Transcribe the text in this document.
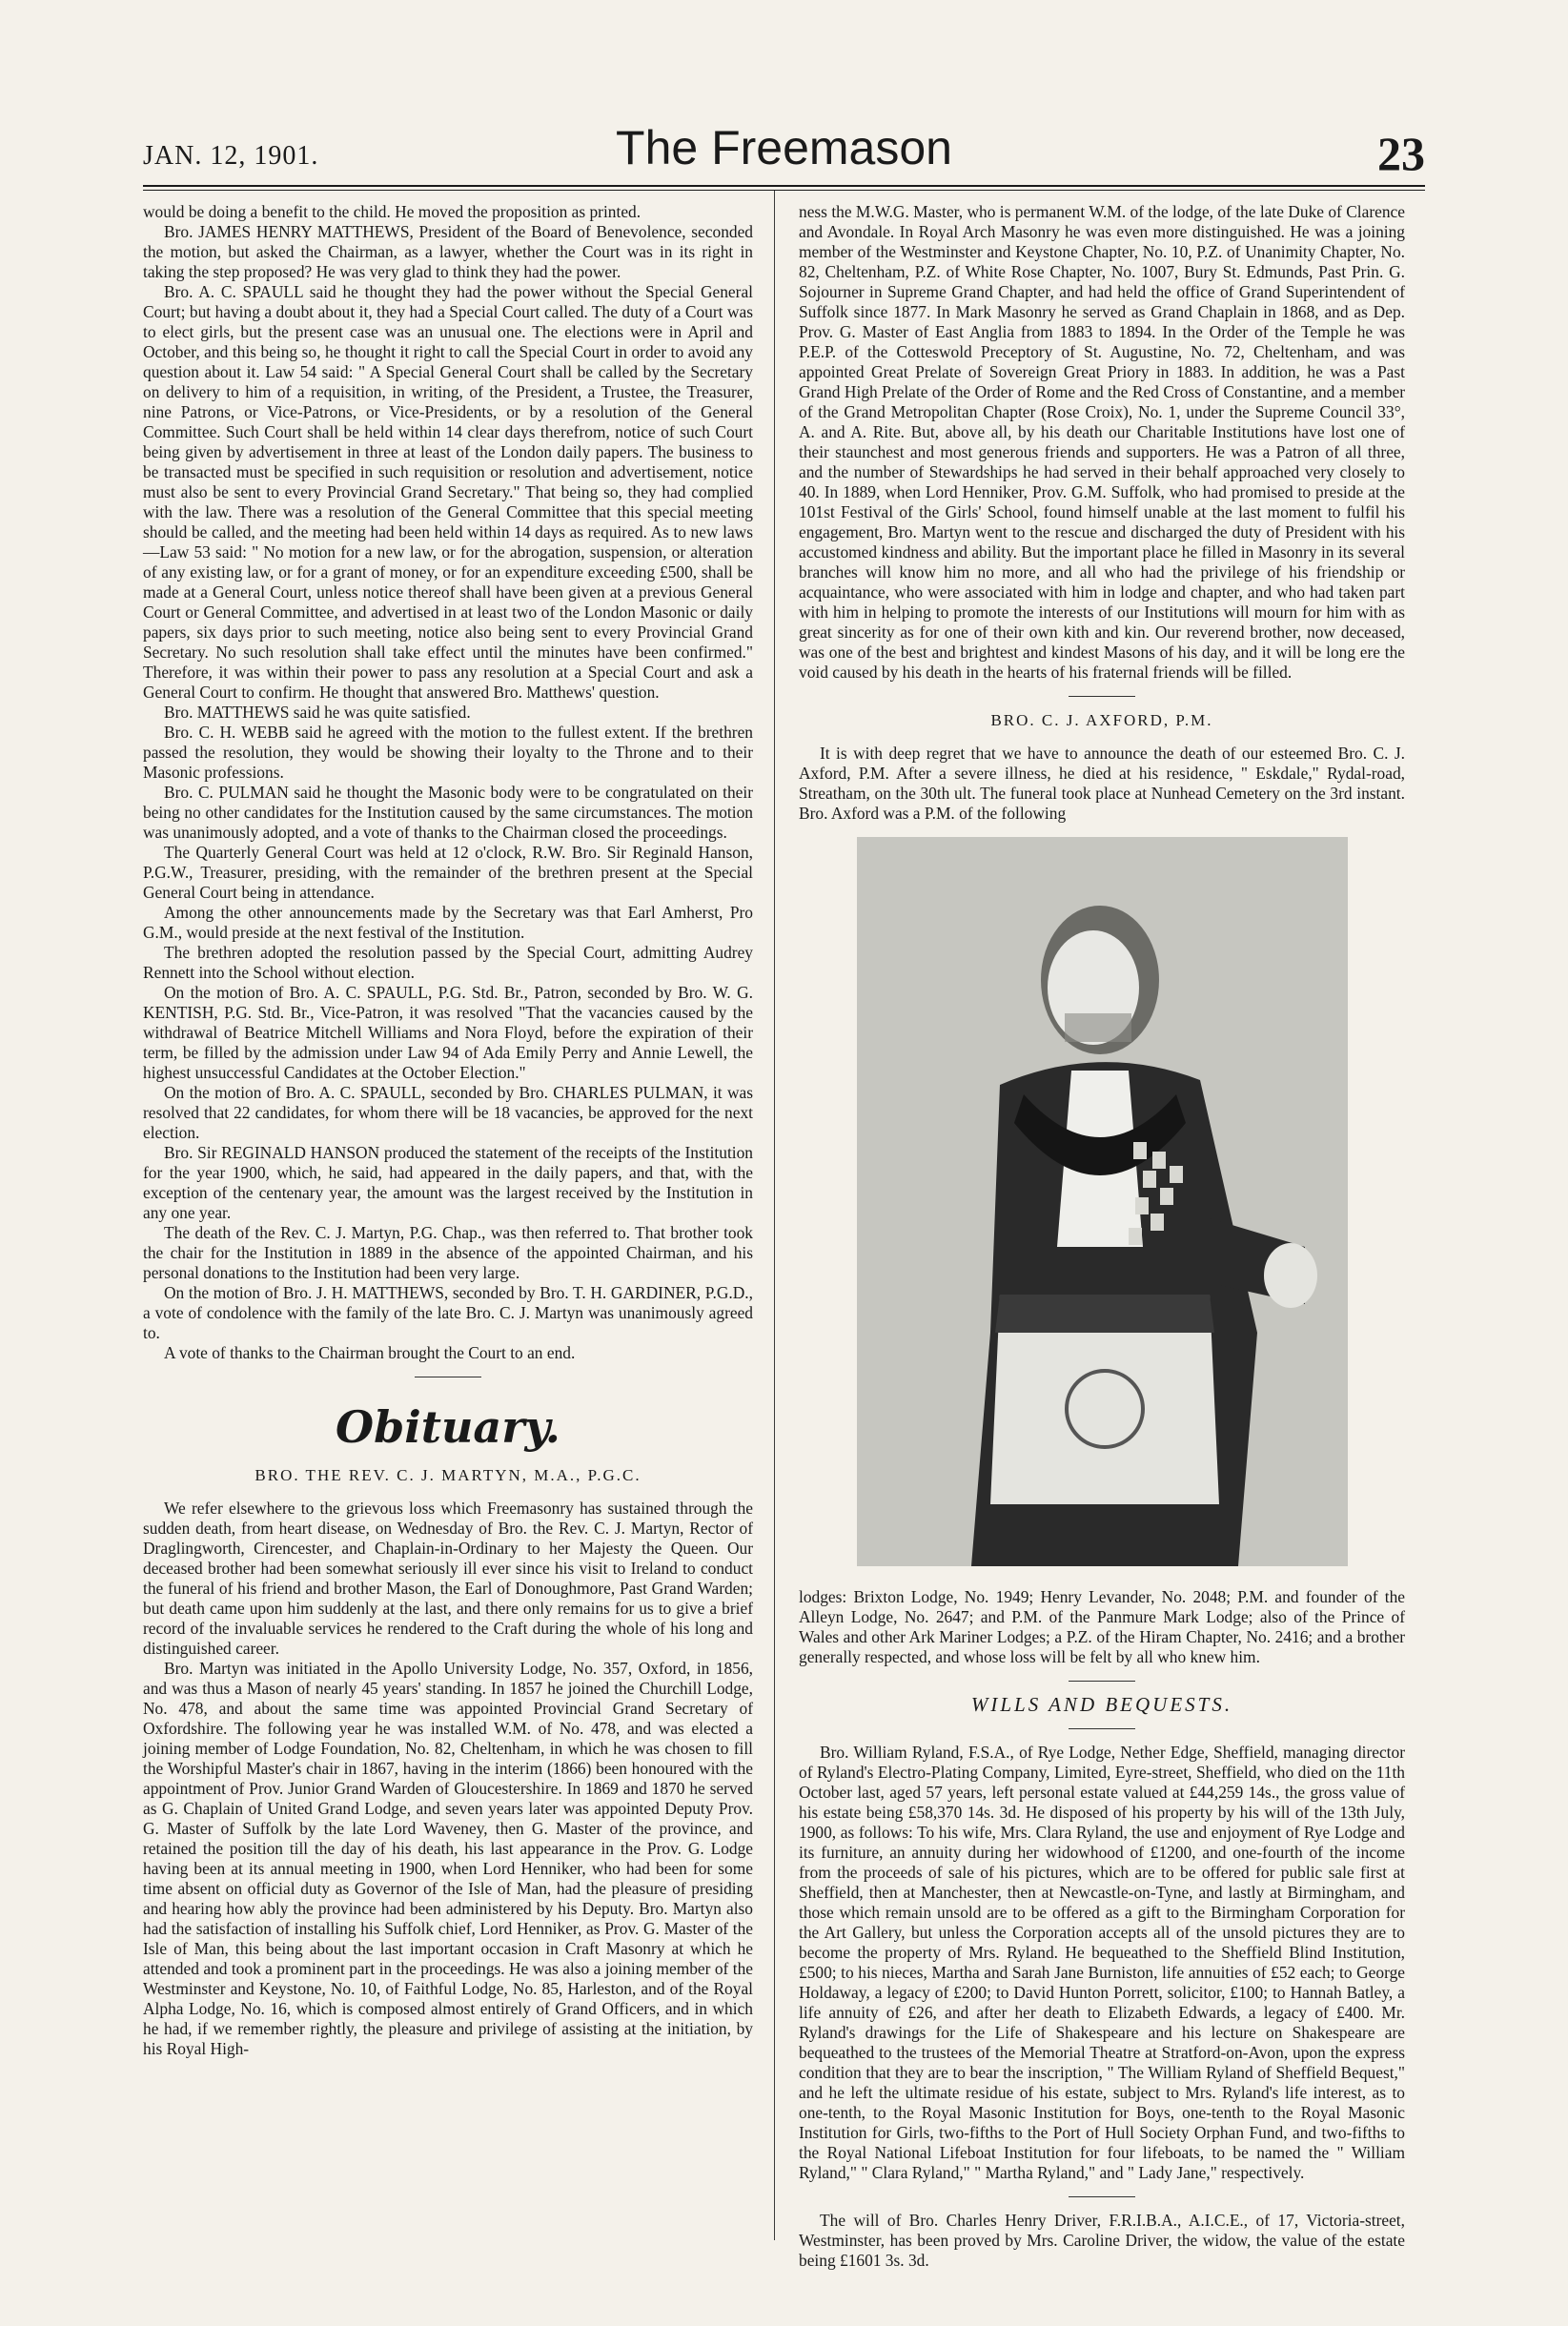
JAN. 12, 1901.	The Freemason	23

would be doing a benefit to the child. He moved the proposition as printed.

Bro. JAMES HENRY MATTHEWS, President of the Board of Benevolence, seconded the motion, but asked the Chairman, as a lawyer, whether the Court was in its right in taking the step proposed? He was very glad to think they had the power.

Bro. A. C. SPAULL said he thought they had the power without the Special General Court; but having a doubt about it, they had a Special Court called. The duty of a Court was to elect girls, but the present case was an unusual one. The elections were in April and October, and this being so, he thought it right to call the Special Court in order to avoid any question about it. Law 54 said: " A Special General Court shall be called by the Secretary on delivery to him of a requisition, in writing, of the President, a Trustee, the Treasurer, nine Patrons, or Vice-Patrons, or Vice-Presidents, or by a resolution of the General Committee. Such Court shall be held within 14 clear days therefrom, notice of such Court being given by advertisement in three at least of the London daily papers. The business to be transacted must be specified in such requisition or resolution and advertisement, notice must also be sent to every Provincial Grand Secretary." That being so, they had complied with the law. There was a resolution of the General Committee that this special meeting should be called, and the meeting had been held within 14 days as required. As to new laws —Law 53 said: " No motion for a new law, or for the abrogation, suspension, or alteration of any existing law, or for a grant of money, or for an expenditure exceeding £500, shall be made at a General Court, unless notice thereof shall have been given at a previous General Court or General Committee, and advertised in at least two of the London Masonic or daily papers, six days prior to such meeting, notice also being sent to every Provincial Grand Secretary. No such resolution shall take effect until the minutes have been confirmed." Therefore, it was within their power to pass any resolution at a Special Court and ask a General Court to confirm. He thought that answered Bro. Matthews' question.

Bro. MATTHEWS said he was quite satisfied.

Bro. C. H. WEBB said he agreed with the motion to the fullest extent. If the brethren passed the resolution, they would be showing their loyalty to the Throne and to their Masonic professions.

Bro. C. PULMAN said he thought the Masonic body were to be congratulated on their being no other candidates for the Institution caused by the same circumstances. The motion was unanimously adopted, and a vote of thanks to the Chairman closed the proceedings.

The Quarterly General Court was held at 12 o'clock, R.W. Bro. Sir Reginald Hanson, P.G.W., Treasurer, presiding, with the remainder of the brethren present at the Special General Court being in attendance.

Among the other announcements made by the Secretary was that Earl Amherst, Pro G.M., would preside at the next festival of the Institution.

The brethren adopted the resolution passed by the Special Court, admitting Audrey Rennett into the School without election.

On the motion of Bro. A. C. SPAULL, P.G. Std. Br., Patron, seconded by Bro. W. G. KENTISH, P.G. Std. Br., Vice-Patron, it was resolved "That the vacancies caused by the withdrawal of Beatrice Mitchell Williams and Nora Floyd, before the expiration of their term, be filled by the admission under Law 94 of Ada Emily Perry and Annie Lewell, the highest unsuccessful Candidates at the October Election."

On the motion of Bro. A. C. SPAULL, seconded by Bro. CHARLES PULMAN, it was resolved that 22 candidates, for whom there will be 18 vacancies, be approved for the next election.

Bro. Sir REGINALD HANSON produced the statement of the receipts of the Institution for the year 1900, which, he said, had appeared in the daily papers, and that, with the exception of the centenary year, the amount was the largest received by the Institution in any one year.

The death of the Rev. C. J. Martyn, P.G. Chap., was then referred to. That brother took the chair for the Institution in 1889 in the absence of the appointed Chairman, and his personal donations to the Institution had been very large.

On the motion of Bro. J. H. MATTHEWS, seconded by Bro. T. H. GARDINER, P.G.D., a vote of condolence with the family of the late Bro. C. J. Martyn was unanimously agreed to.

A vote of thanks to the Chairman brought the Court to an end.

Obituary.
BRO. THE REV. C. J. MARTYN, M.A., P.G.C.

We refer elsewhere to the grievous loss which Freemasonry has sustained through the sudden death, from heart disease, on Wednesday of Bro. the Rev. C. J. Martyn, Rector of Draglingworth, Cirencester, and Chaplain-in-Ordinary to her Majesty the Queen. Our deceased brother had been somewhat seriously ill ever since his visit to Ireland to conduct the funeral of his friend and brother Mason, the Earl of Donoughmore, Past Grand Warden; but death came upon him suddenly at the last, and there only remains for us to give a brief record of the invaluable services he rendered to the Craft during the whole of his long and distinguished career.

Bro. Martyn was initiated in the Apollo University Lodge, No. 357, Oxford, in 1856, and was thus a Mason of nearly 45 years' standing. In 1857 he joined the Churchill Lodge, No. 478, and about the same time was appointed Provincial Grand Secretary of Oxfordshire. The following year he was installed W.M. of No. 478, and was elected a joining member of Lodge Foundation, No. 82, Cheltenham, in which he was chosen to fill the Worshipful Master's chair in 1867, having in the interim (1866) been honoured with the appointment of Prov. Junior Grand Warden of Gloucestershire. In 1869 and 1870 he served as G. Chaplain of United Grand Lodge, and seven years later was appointed Deputy Prov. G. Master of Suffolk by the late Lord Waveney, then G. Master of the province, and retained the position till the day of his death, his last appearance in the Prov. G. Lodge having been at its annual meeting in 1900, when Lord Henniker, who had been for some time absent on official duty as Governor of the Isle of Man, had the pleasure of presiding and hearing how ably the province had been administered by his Deputy. Bro. Martyn also had the satisfaction of installing his Suffolk chief, Lord Henniker, as Prov. G. Master of the Isle of Man, this being about the last important occasion in Craft Masonry at which he attended and took a prominent part in the proceedings. He was also a joining member of the Westminster and Keystone, No. 10, of Faithful Lodge, No. 85, Harleston, and of the Royal Alpha Lodge, No. 16, which is composed almost entirely of Grand Officers, and in which he had, if we remember rightly, the pleasure and privilege of assisting at the initiation, by his Royal High-

ness the M.W.G. Master, who is permanent W.M. of the lodge, of the late Duke of Clarence and Avondale. In Royal Arch Masonry he was even more distinguished. He was a joining member of the Westminster and Keystone Chapter, No. 10, P.Z. of Unanimity Chapter, No. 82, Cheltenham, P.Z. of White Rose Chapter, No. 1007, Bury St. Edmunds, Past Prin. G. Sojourner in Supreme Grand Chapter, and had held the office of Grand Superintendent of Suffolk since 1877. In Mark Masonry he served as Grand Chaplain in 1868, and as Dep. Prov. G. Master of East Anglia from 1883 to 1894. In the Order of the Temple he was P.E.P. of the Cotteswold Preceptory of St. Augustine, No. 72, Cheltenham, and was appointed Great Prelate of Sovereign Great Priory in 1883. In addition, he was a Past Grand High Prelate of the Order of Rome and the Red Cross of Constantine, and a member of the Grand Metropolitan Chapter (Rose Croix), No. 1, under the Supreme Council 33°, A. and A. Rite. But, above all, by his death our Charitable Institutions have lost one of their staunchest and most generous friends and supporters. He was a Patron of all three, and the number of Stewardships he had served in their behalf approached very closely to 40. In 1889, when Lord Henniker, Prov. G.M. Suffolk, who had promised to preside at the 101st Festival of the Girls' School, found himself unable at the last moment to fulfil his engagement, Bro. Martyn went to the rescue and discharged the duty of President with his accustomed kindness and ability. But the important place he filled in Masonry in its several branches will know him no more, and all who had the privilege of his friendship or acquaintance, who were associated with him in lodge and chapter, and who had taken part with him in helping to promote the interests of our Institutions will mourn for him with as great sincerity as for one of their own kith and kin. Our reverend brother, now deceased, was one of the best and brightest and kindest Masons of his day, and it will be long ere the void caused by his death in the hearts of his fraternal friends will be filled.

BRO. C. J. AXFORD, P.M.

It is with deep regret that we have to announce the death of our esteemed Bro. C. J. Axford, P.M. After a severe illness, he died at his residence, " Eskdale," Rydal-road, Streatham, on the 30th ult. The funeral took place at Nunhead Cemetery on the 3rd instant. Bro. Axford was a P.M. of the following

lodges: Brixton Lodge, No. 1949; Henry Levander, No. 2048; P.M. and founder of the Alleyn Lodge, No. 2647; and P.M. of the Panmure Mark Lodge; also of the Prince of Wales and other Ark Mariner Lodges; a P.Z. of the Hiram Chapter, No. 2416; and a brother generally respected, and whose loss will be felt by all who knew him.

WILLS AND BEQUESTS.

Bro. William Ryland, F.S.A., of Rye Lodge, Nether Edge, Sheffield, managing director of Ryland's Electro-Plating Company, Limited, Eyre-street, Sheffield, who died on the 11th October last, aged 57 years, left personal estate valued at £44,259 14s., the gross value of his estate being £58,370 14s. 3d. He disposed of his property by his will of the 13th July, 1900, as follows: To his wife, Mrs. Clara Ryland, the use and enjoyment of Rye Lodge and its furniture, an annuity during her widowhood of £1200, and one-fourth of the income from the proceeds of sale of his pictures, which are to be offered for public sale first at Sheffield, then at Manchester, then at Newcastle-on-Tyne, and lastly at Birmingham, and those which remain unsold are to be offered as a gift to the Birmingham Corporation for the Art Gallery, but unless the Corporation accepts all of the unsold pictures they are to become the property of Mrs. Ryland. He bequeathed to the Sheffield Blind Institution, £500; to his nieces, Martha and Sarah Jane Burniston, life annuities of £52 each; to George Holdaway, a legacy of £200; to David Hunton Porrett, solicitor, £100; to Hannah Batley, a life annuity of £26, and after her death to Elizabeth Edwards, a legacy of £400. Mr. Ryland's drawings for the Life of Shakespeare and his lecture on Shakespeare are bequeathed to the trustees of the Memorial Theatre at Stratford-on-Avon, upon the express condition that they are to bear the inscription, " The William Ryland of Sheffield Bequest," and he left the ultimate residue of his estate, subject to Mrs. Ryland's life interest, as to one-tenth, to the Royal Masonic Institution for Boys, one-tenth to the Royal Masonic Institution for Girls, two-fifths to the Port of Hull Society Orphan Fund, and two-fifths to the Royal National Lifeboat Institution for four lifeboats, to be named the " William Ryland," " Clara Ryland," " Martha Ryland," and " Lady Jane," respectively.

The will of Bro. Charles Henry Driver, F.R.I.B.A., A.I.C.E., of 17, Victoria-street, Westminster, has been proved by Mrs. Caroline Driver, the widow, the value of the estate being £1601 3s. 3d.
